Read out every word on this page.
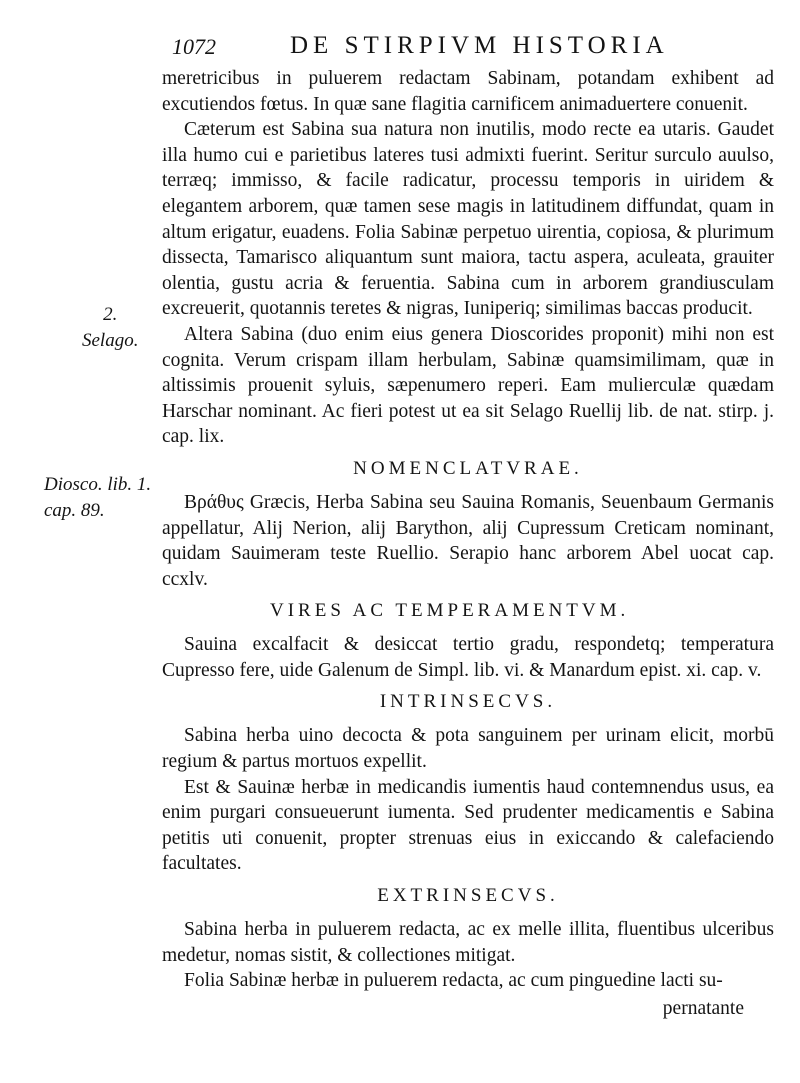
1072	DE STIRPIVM HISTORIA
2.
Selago.
Diosco. lib. 1.
cap. 89.

meretricibus in puluerem redactam Sabinam, potandam exhibent ad excutiendos fœtus. In quæ sane flagitia carnificem animaduertere conuenit.

Cæterum est Sabina sua natura non inutilis, modo recte ea utaris. Gaudet illa humo cui e parietibus lateres tusi admixti fuerint. Seritur surculo auulso, terræq; immisso, & facile radicatur, processu temporis in uiridem & elegantem arborem, quæ tamen sese magis in latitudinem diffundat, quam in altum erigatur, euadens. Folia Sabinæ perpetuo uirentia, copiosa, & plurimum dissecta, Tamarisco aliquantum sunt maiora, tactu aspera, aculeata, grauiter olentia, gustu acria & feruentia. Sabina cum in arborem grandiusculam excreuerit, quotannis teretes & nigras, Iuniperiq; similimas baccas producit.

Altera Sabina (duo enim eius genera Dioscorides proponit) mihi non est cognita. Verum crispam illam herbulam, Sabinæ quamsimilimam, quæ in altissimis prouenit syluis, sæpenumero reperi. Eam mulierculæ quædam Harschar nominant. Ac fieri potest ut ea sit Selago Ruellij lib. de nat. stirp. j. cap. lix.

NOMENCLATVRAE.

Βράθυς Græcis, Herba Sabina seu Sauina Romanis, Seuenbaum Germanis appellatur, Alij Nerion, alij Barython, alij Cupressum Creticam nominant, quidam Sauimeram teste Ruellio. Serapio hanc arborem Abel uocat cap. ccxlv.

VIRES AC TEMPERAMENTVM.

Sauina excalfacit & desiccat tertio gradu, respondetq; temperatura Cupresso fere, uide Galenum de Simpl. lib. vi. & Manardum epist. xi. cap. v.

INTRINSECVS.

Sabina herba uino decocta & pota sanguinem per urinam elicit, morbū regium & partus mortuos expellit.

Est & Sauinæ herbæ in medicandis iumentis haud contemnendus usus, ea enim purgari consueuerunt iumenta. Sed prudenter medicamentis e Sabina petitis uti conuenit, propter strenuas eius in exiccando & calefaciendo facultates.

EXTRINSECVS.

Sabina herba in puluerem redacta, ac ex melle illita, fluentibus ulceribus medetur, nomas sistit, & collectiones mitigat.

Folia Sabinæ herbæ in puluerem redacta, ac cum pinguedine lacti su-

pernatante
